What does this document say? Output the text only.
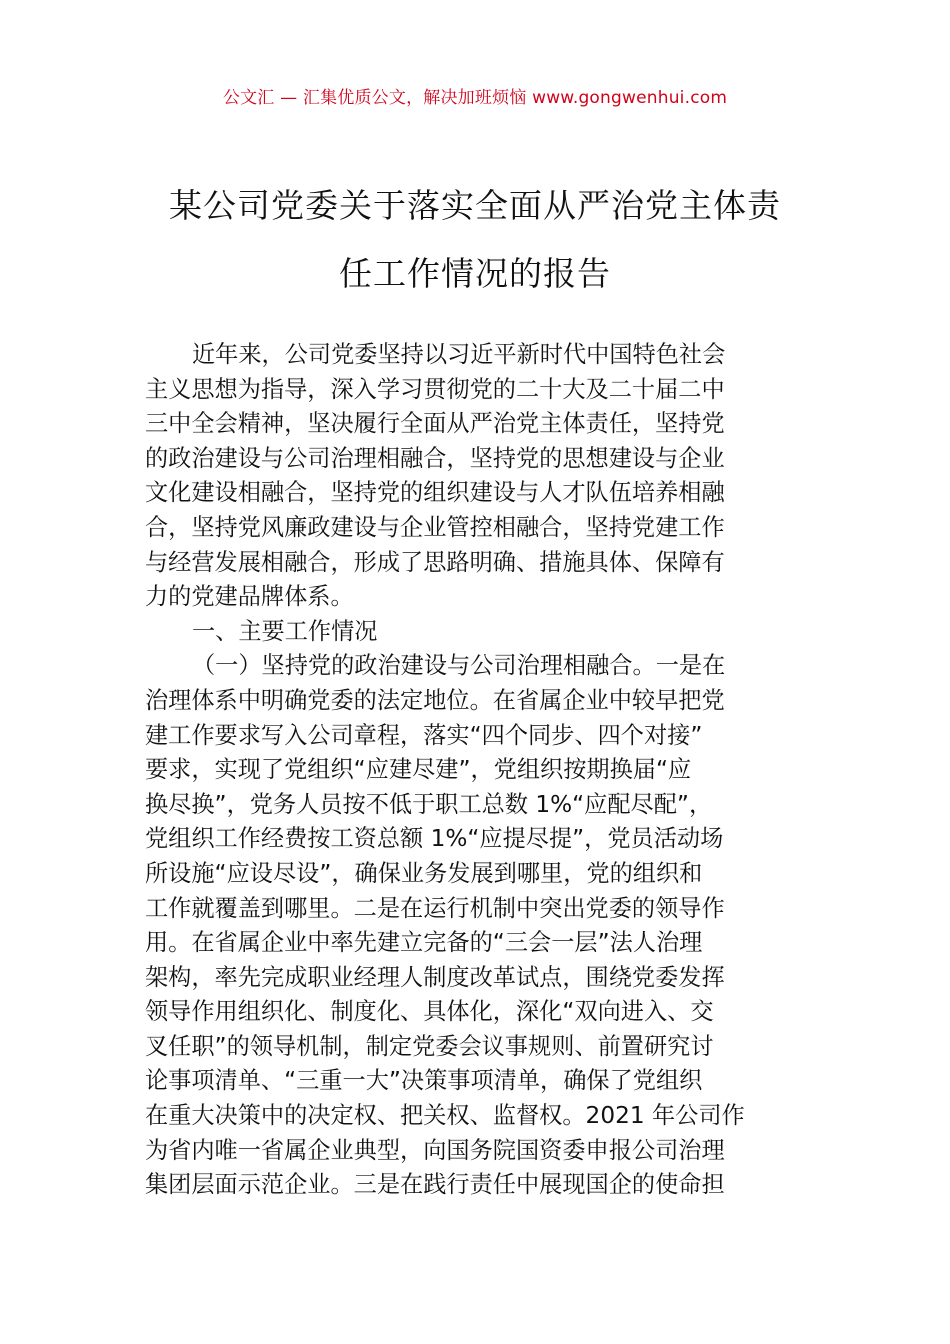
公文汇 — 汇集优质公文，解决加班烦恼 www.gongwenhui.com
某公司党委关于落实全面从严治党主体责
任工作情况的报告
近年来，公司党委坚持以习近平新时代中国特色社会
主义思想为指导，深入学习贯彻党的二十大及二十届二中
三中全会精神，坚决履行全面从严治党主体责任，坚持党
的政治建设与公司治理相融合，坚持党的思想建设与企业
文化建设相融合，坚持党的组织建设与人才队伍培养相融
合，坚持党风廉政建设与企业管控相融合，坚持党建工作
与经营发展相融合，形成了思路明确、措施具体、保障有
力的党建品牌体系。
一、主要工作情况
（一）坚持党的政治建设与公司治理相融合。一是在
治理体系中明确党委的法定地位。在省属企业中较早把党
建工作要求写入公司章程，落实“四个同步、四个对接”
要求，实现了党组织“应建尽建”，党组织按期换届“应
换尽换”，党务人员按不低于职工总数 1%“应配尽配”，
党组织工作经费按工资总额 1%“应提尽提”，党员活动场
所设施“应设尽设”，确保业务发展到哪里，党的组织和
工作就覆盖到哪里。二是在运行机制中突出党委的领导作
用。在省属企业中率先建立完备的“三会一层”法人治理
架构，率先完成职业经理人制度改革试点，围绕党委发挥
领导作用组织化、制度化、具体化，深化“双向进入、交
叉任职”的领导机制，制定党委会议事规则、前置研究讨
论事项清单、“三重一大”决策事项清单，确保了党组织
在重大决策中的决定权、把关权、监督权。2021 年公司作
为省内唯一省属企业典型，向国务院国资委申报公司治理
集团层面示范企业。三是在践行责任中展现国企的使命担
